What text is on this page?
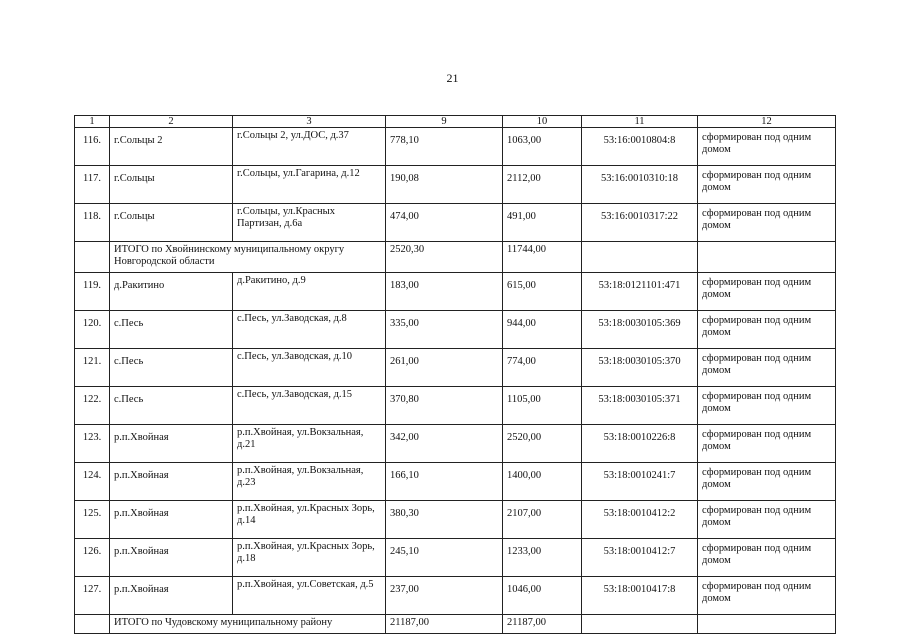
21
1	2	3	9	10	11	12
116.	г.Сольцы 2	г.Сольцы 2, ул.ДОС, д.37	778,10	1063,00	53:16:0010804:8	сформирован под одним домом
117.	г.Сольцы	г.Сольцы, ул.Гагарина, д.12	190,08	2112,00	53:16:0010310:18	сформирован под одним домом
118.	г.Сольцы	г.Сольцы, ул.Красных Партизан, д.6а	474,00	491,00	53:16:0010317:22	сформирован под одним домом
	ИТОГО по Хвойнинскому муниципальному округу Новгородской области		2520,30	11744,00		
119.	д.Ракитино	д.Ракитино, д.9	183,00	615,00	53:18:0121101:471	сформирован под одним домом
120.	с.Песь	с.Песь, ул.Заводская, д.8	335,00	944,00	53:18:0030105:369	сформирован под одним домом
121.	с.Песь	с.Песь, ул.Заводская, д.10	261,00	774,00	53:18:0030105:370	сформирован под одним домом
122.	с.Песь	с.Песь, ул.Заводская, д.15	370,80	1105,00	53:18:0030105:371	сформирован под одним домом
123.	р.п.Хвойная	р.п.Хвойная, ул.Вокзальная, д.21	342,00	2520,00	53:18:0010226:8	сформирован под одним домом
124.	р.п.Хвойная	р.п.Хвойная, ул.Вокзальная, д.23	166,10	1400,00	53:18:0010241:7	сформирован под одним домом
125.	р.п.Хвойная	р.п.Хвойная, ул.Красных Зорь, д.14	380,30	2107,00	53:18:0010412:2	сформирован под одним домом
126.	р.п.Хвойная	р.п.Хвойная, ул.Красных Зорь, д.18	245,10	1233,00	53:18:0010412:7	сформирован под одним домом
127.	р.п.Хвойная	р.п.Хвойная, ул.Советская, д.5	237,00	1046,00	53:18:0010417:8	сформирован под одним домом
	ИТОГО по Чудовскому муниципальному району		21187,00	21187,00		
